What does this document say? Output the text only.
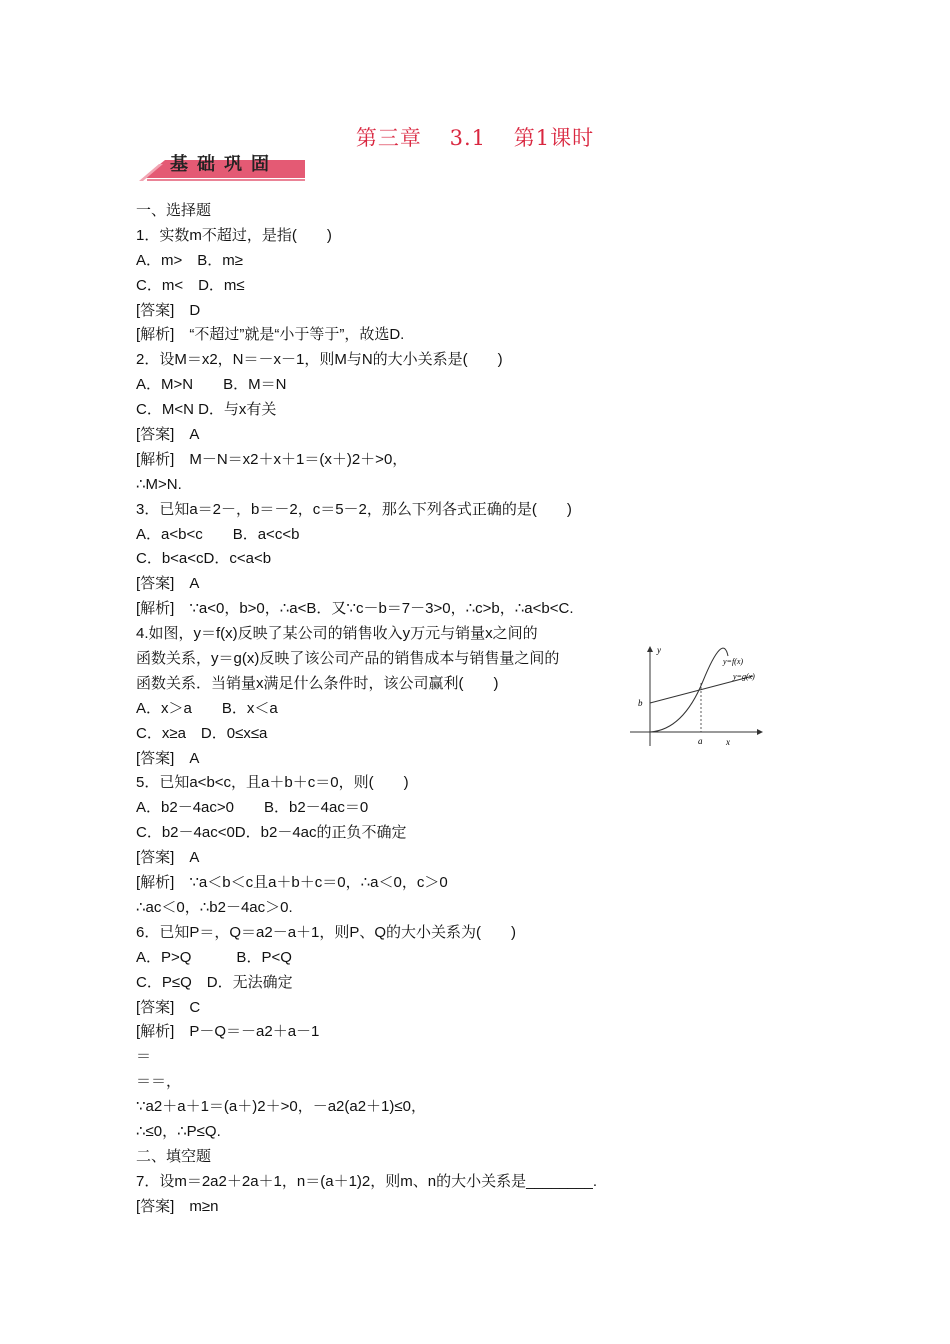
第三章 3.1 第1课时
基础巩固
一、选择题
1．实数m不超过，是指(　　)
A．m>　B．m≥
C．m<　D．m≤
[答案]　D
[解析]　“不超过”就是“小于等于”，故选D.
2．设M＝x2，N＝－x－1，则M与N的大小关系是(　　)
A．M>N　　B．M＝N
C．M<N D．与x有关
[答案]　A
[解析]　M－N＝x2＋x＋1＝(x＋)2＋>0，
∴M>N.
3．已知a＝2－，b＝－2，c＝5－2，那么下列各式正确的是(　　)
A．a<b<c　　B．a<c<b
C．b<a<cD．c<a<b
[答案]　A
[解析]　∵a<0，b>0，∴a<B．又∵c－b＝7－3>0，∴c>b，∴a<b<C.
4.如图，y＝f(x)反映了某公司的销售收入y万元与销量x之间的
函数关系，y＝g(x)反映了该公司产品的销售成本与销售量之间的
函数关系．当销量x满足什么条件时，该公司赢利(　　)
A．x＞a　　B．x＜a
C．x≥a　D．0≤x≤a
[答案]　A
5．已知a<b<c，且a＋b＋c＝0，则(　　)
A．b2－4ac>0　　B．b2－4ac＝0
C．b2－4ac<0D．b2－4ac的正负不确定
[答案]　A
[解析]　∵a＜b＜c且a＋b＋c＝0，∴a＜0，c＞0
∴ac＜0，∴b2－4ac＞0.
6．已知P＝，Q＝a2－a＋1，则P、Q的大小关系为(　　)
A．P>Q　　　B．P<Q
C．P≤Q　D．无法确定
[答案]　C
[解析]　P－Q＝－a2＋a－1
＝
＝＝，
∵a2＋a＋1＝(a＋)2＋>0，－a2(a2＋1)≤0，
∴≤0，∴P≤Q.
二、填空题
7．设m＝2a2＋2a＋1，n＝(a＋1)2，则m、n的大小关系是________.
[答案]　m≥n
y
x
y=f(x)
y=g(x)
b
a
